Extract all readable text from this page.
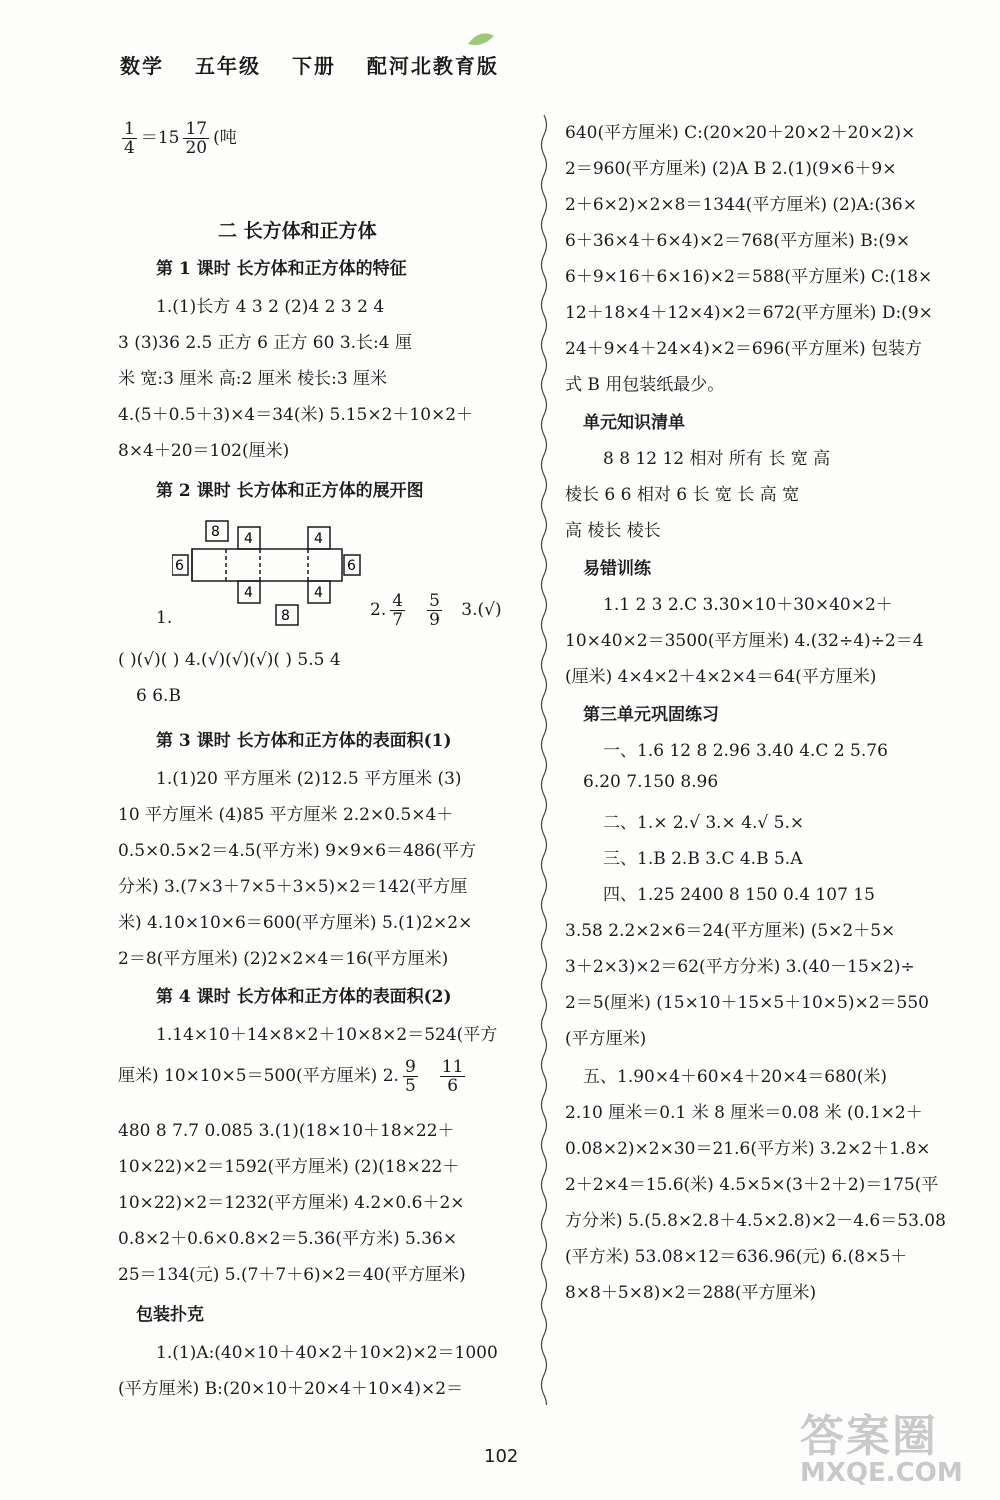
数学 五年级 下册 配河北教育版
$\frac{1}{4} =15 \frac{17}{20}$ (吨
二 长方体和正方体
第 1 课时 长方体和正方体的特征
1.(1)长方 4 3 2 (2)4 2 3 2 4
3 (3)36 2.5 正方 6 正方 60 3.长:4 厘
米 宽:3 厘米 高:2 厘米 棱长:3 厘米
4.(5＋0.5＋3)×4＝34(米) 5.15×2＋10×2＋
8×4＋20＝102(厘米)
第 2 课时 长方体和正方体的展开图
1.	2. $\frac{4}{7} \frac{5}{9} 3.(√)$
( )(√)( ) 4.(√)(√)(√)( ) 5.5 4
6 6.B
第 3 课时 长方体和正方体的表面积(1)
1.(1)20 平方厘米 (2)12.5 平方厘米 (3)
10 平方厘米 (4)85 平方厘米 2.2×0.5×4＋
0.5×0.5×2＝4.5(平方米) 9×9×6＝486(平方
分米) 3.(7×3＋7×5＋3×5)×2＝142(平方厘
米) 4.10×10×6＝600(平方厘米) 5.(1)2×2×
2＝8(平方厘米) (2)2×2×4＝16(平方厘米)
第 4 课时 长方体和正方体的表面积(2)
1.14×10＋14×8×2＋10×8×2＝524(平方
厘米) 10×10×5＝500(平方厘米) 2. $\frac{9}{5} \frac{11}{6}$
480 8 7.7 0.085 3.(1)(18×10＋18×22＋
10×22)×2＝1592(平方厘米) (2)(18×22＋
10×22)×2＝1232(平方厘米) 4.2×0.6＋2×
0.8×2＋0.6×0.8×2＝5.36(平方米) 5.36×
25＝134(元) 5.(7＋7＋6)×2＝40(平方厘米)
包装扑克
1.(1)A:(40×10＋40×2＋10×2)×2＝1000
(平方厘米) B:(20×10＋20×4＋10×4)×2＝
8 4	4
6	6
4	4
8
640(平方厘米) C:(20×20＋20×2＋20×2)×
2＝960(平方厘米) (2)A B 2.(1)(9×6＋9×
2＋6×2)×2×8＝1344(平方厘米) (2)A:(36×
6＋36×4＋6×4)×2＝768(平方厘米) B:(9×
6＋9×16＋6×16)×2＝588(平方厘米) C:(18×
12＋18×4＋12×4)×2＝672(平方厘米) D:(9×
24＋9×4＋24×4)×2＝696(平方厘米) 包装方
式 B 用包装纸最少。
单元知识清单
8 8 12 12 相对 所有 长 宽 高
棱长 6 6 相对 6 长 宽 长 高 宽
高 棱长 棱长
易错训练
1.1 2 3 2.C 3.30×10＋30×40×2＋
10×40×2＝3500(平方厘米) 4.(32÷4)÷2＝4
(厘米) 4×4×2＋4×2×4＝64(平方厘米)
第三单元巩固练习
一、1.6 12 8 2.96 3.40 4.C 2 5.76
6.20 7.150 8.96
二、1.× 2.√ 3.× 4.√ 5.×
三、1.B 2.B 3.C 4.B 5.A
四、1.25 2400 8 150 0.4 107 15
3.58 2.2×2×6＝24(平方厘米) (5×2＋5×
3＋2×3)×2＝62(平方分米) 3.(40－15×2)÷
2＝5(厘米) (15×10＋15×5＋10×5)×2＝550
(平方厘米)
五、1.90×4＋60×4＋20×4＝680(米)
2.10 厘米＝0.1 米 8 厘米＝0.08 米 (0.1×2＋
0.08×2)×2×30＝21.6(平方米) 3.2×2＋1.8×
2＋2×4＝15.6(米) 4.5×5×(3＋2＋2)＝175(平
方分米) 5.(5.8×2.8＋4.5×2.8)×2－4.6＝53.08
(平方米) 53.08×12＝636.96(元) 6.(8×5＋
8×8＋5×8)×2＝288(平方厘米)
102	答案圈
MXQE.COM
